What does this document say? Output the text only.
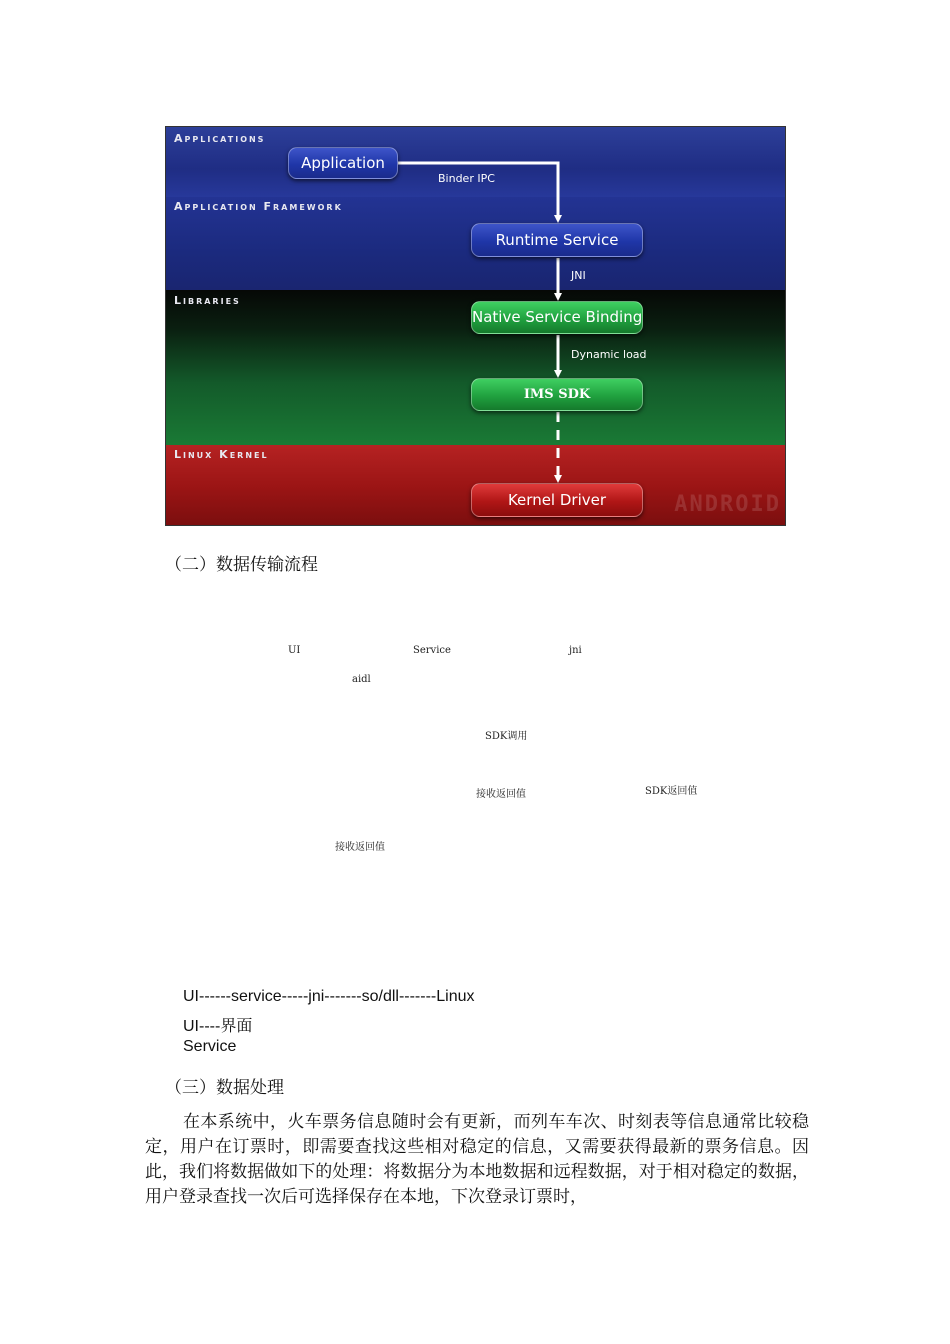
Applications
Application Framework
Libraries
Linux Kernel
Application
Runtime Service
Native Service Binding
IMS SDK
Kernel Driver
Binder IPC
JNI
Dynamic load
ANDROID
（二）数据传输流程
UI	Service	jni
aidl
SDK调用
接收返回值	SDK返回值
接收返回值
UI------service-----jni-------so/dll-------Linux
UI----界面
Service
（三）数据处理
在本系统中，火车票务信息随时会有更新，而列车车次、时刻表等信息通常比较稳定，用户在订票时，即需要查找这些相对稳定的信息，又需要获得最新的票务信息。因此，我们将数据做如下的处理：将数据分为本地数据和远程数据，对于相对稳定的数据，用户登录查找一次后可选择保存在本地，下次登录订票时，
